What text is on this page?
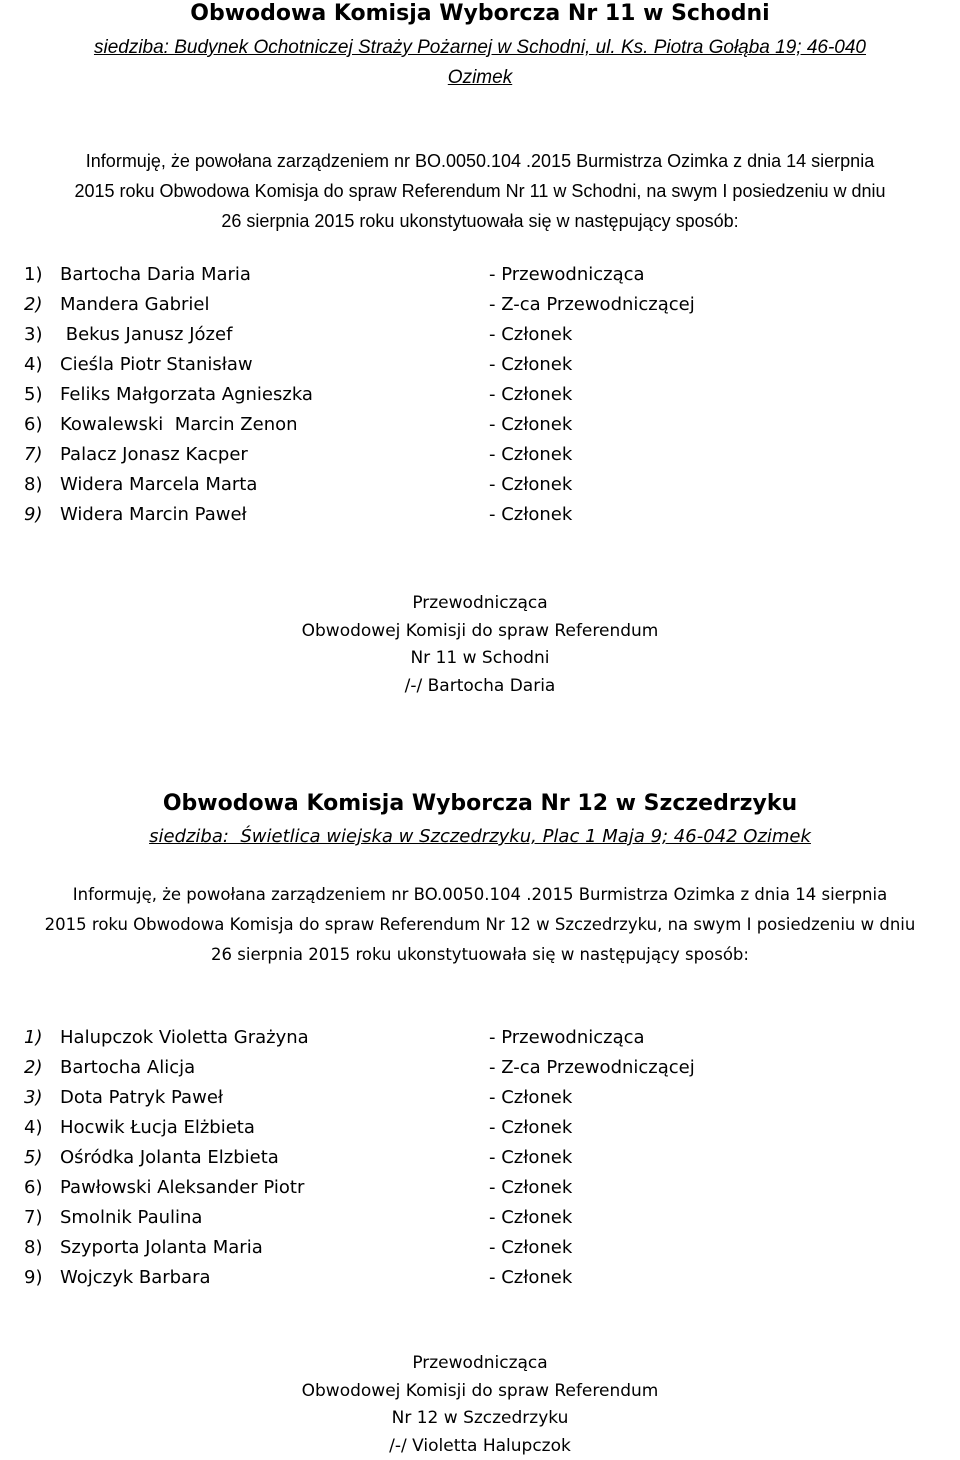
Obwodowa Komisja Wyborcza Nr 11 w Schodni
siedziba: Budynek Ochotniczej Straży Pożarnej w Schodni, ul. Ks. Piotra Gołąba 19; 46-040
Ozimek
Informuję, że powołana zarządzeniem nr BO.0050.104 .2015 Burmistrza Ozimka z dnia 14 sierpnia
2015 roku Obwodowa Komisja do spraw Referendum Nr 11 w Schodni, na swym I posiedzeniu w dniu
26 sierpnia 2015 roku ukonstytuowała się w następujący sposób:
1) Bartocha Daria Maria	- Przewodnicząca
2) Mandera Gabriel	- Z-ca Przewodniczącej
3) Bekus Janusz Józef	- Członek
4) Cieśla Piotr Stanisław	- Członek
5) Feliks Małgorzata Agnieszka	- Członek
6) Kowalewski  Marcin Zenon	- Członek
7) Palacz Jonasz Kacper	- Członek
8) Widera Marcela Marta	- Członek
9) Widera Marcin Paweł	- Członek
Przewodnicząca
Obwodowej Komisji do spraw Referendum
Nr 11 w Schodni
/-/ Bartocha Daria
Obwodowa Komisja Wyborcza Nr 12 w Szczedrzyku
siedziba:  Świetlica wiejska w Szczedrzyku, Plac 1 Maja 9; 46-042 Ozimek
Informuję, że powołana zarządzeniem nr BO.0050.104 .2015 Burmistrza Ozimka z dnia 14 sierpnia
2015 roku Obwodowa Komisja do spraw Referendum Nr 12 w Szczedrzyku, na swym I posiedzeniu w dniu
26 sierpnia 2015 roku ukonstytuowała się w następujący sposób:
1) Halupczok Violetta Grażyna	- Przewodnicząca
2) Bartocha Alicja	- Z-ca Przewodniczącej
3) Dota Patryk Paweł	- Członek
4) Hocwik Łucja Elżbieta	- Członek
5) Ośródka Jolanta Elzbieta	- Członek
6) Pawłowski Aleksander Piotr	- Członek
7) Smolnik Paulina	- Członek
8) Szyporta Jolanta Maria	- Członek
9) Wojczyk Barbara	- Członek
Przewodnicząca
Obwodowej Komisji do spraw Referendum
Nr 12 w Szczedrzyku
/-/ Violetta Halupczok
